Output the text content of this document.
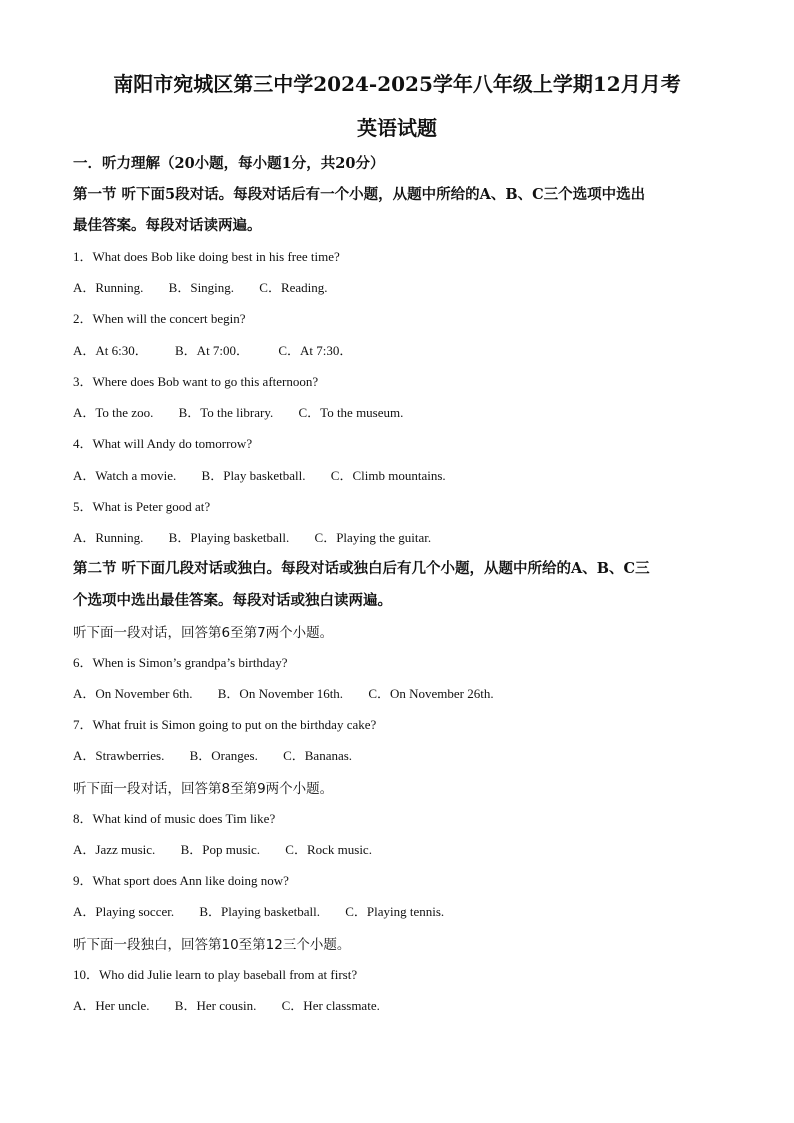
南阳市宛城区第三中学2024-2025学年八年级上学期12月月考
英语试题
一．听力理解（20小题，每小题1分，共20分）
第一节 听下面5段对话。每段对话后有一个小题，从题中所给的A、B、C三个选项中选出
最佳答案。每段对话读两遍。
1．What does Bob like doing best in his free time?
A．Running. B．Singing. C．Reading.
2．When will the concert begin?
A．At 6:30． B．At 7:00． C．At 7:30．
3．Where does Bob want to go this afternoon?
A．To the zoo. B．To the library. C．To the museum.
4．What will Andy do tomorrow?
A．Watch a movie. B．Play basketball. C．Climb mountains.
5．What is Peter good at?
A．Running. B．Playing basketball. C．Playing the guitar.
第二节 听下面几段对话或独白。每段对话或独白后有几个小题，从题中所给的A、B、C三
个选项中选出最佳答案。每段对话或独白读两遍。
听下面一段对话，回答第6至第7两个小题。
6．When is Simon’s grandpa’s birthday?
A．On November 6th. B．On November 16th. C．On November 26th.
7．What fruit is Simon going to put on the birthday cake?
A．Strawberries. B．Oranges. C．Bananas.
听下面一段对话，回答第8至第9两个小题。
8．What kind of music does Tim like?
A．Jazz music. B．Pop music. C．Rock music.
9．What sport does Ann like doing now?
A．Playing soccer. B．Playing basketball. C．Playing tennis.
听下面一段独白，回答第10至第12三个小题。
10．Who did Julie learn to play baseball from at first?
A．Her uncle. B．Her cousin. C．Her classmate.
